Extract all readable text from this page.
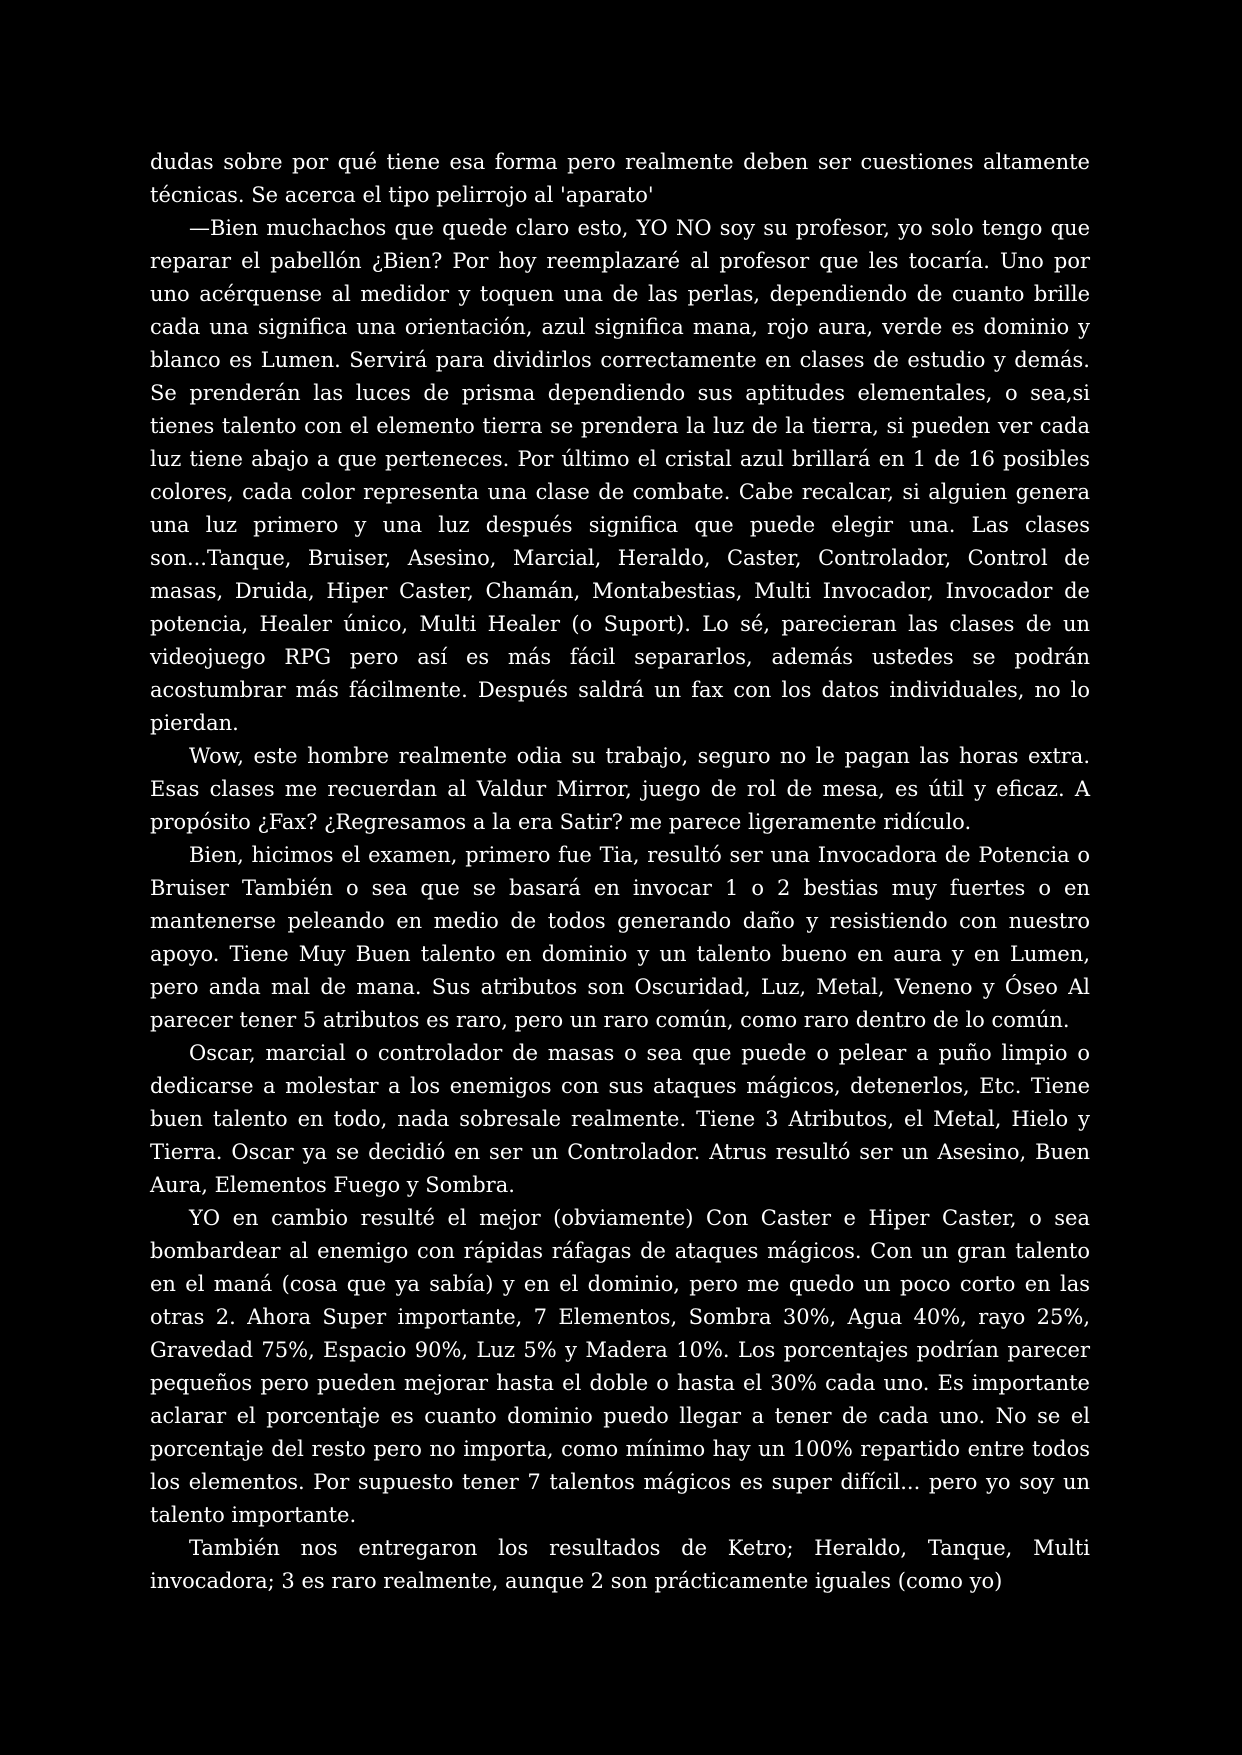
dudas sobre por qué tiene esa forma pero realmente deben ser cuestiones altamente técnicas. Se acerca el tipo pelirrojo al 'aparato'

—Bien muchachos que quede claro esto, YO NO soy su profesor, yo solo tengo que reparar el pabellón ¿Bien? Por hoy reemplazaré al profesor que les tocaría. Uno por uno acérquense al medidor y toquen una de las perlas, dependiendo de cuanto brille cada una significa una orientación, azul significa mana, rojo aura, verde es dominio y blanco es Lumen. Servirá para dividirlos correctamente en clases de estudio y demás. Se prenderán las luces de prisma dependiendo sus aptitudes elementales, o sea,si tienes talento con el elemento tierra se prendera la luz de la tierra, si pueden ver cada luz tiene abajo a que perteneces. Por último el cristal azul brillará en 1 de 16 posibles colores, cada color representa una clase de combate. Cabe recalcar, si alguien genera una luz primero y una luz después significa que puede elegir una. Las clases son...Tanque, Bruiser, Asesino, Marcial, Heraldo, Caster, Controlador, Control de masas, Druida, Hiper Caster, Chamán, Montabestias, Multi Invocador, Invocador de potencia, Healer único, Multi Healer (o Suport). Lo sé, parecieran las clases de un videojuego RPG pero así es más fácil separarlos, además ustedes se podrán acostumbrar más fácilmente. Después saldrá un fax con los datos individuales, no lo pierdan.

Wow, este hombre realmente odia su trabajo, seguro no le pagan las horas extra. Esas clases me recuerdan al Valdur Mirror, juego de rol de mesa, es útil y eficaz. A propósito ¿Fax? ¿Regresamos a la era Satir? me parece ligeramente ridículo.

Bien, hicimos el examen, primero fue Tia, resultó ser una Invocadora de Potencia o Bruiser También o sea que se basará en invocar 1 o 2 bestias muy fuertes o en mantenerse peleando en medio de todos generando daño y resistiendo con nuestro apoyo. Tiene Muy Buen talento en dominio y un talento bueno en aura y en Lumen, pero anda mal de mana. Sus atributos son Oscuridad, Luz, Metal, Veneno y Óseo Al parecer tener 5 atributos es raro, pero un raro común, como raro dentro de lo común.

Oscar, marcial o controlador de masas o sea que puede o pelear a puño limpio o dedicarse a molestar a los enemigos con sus ataques mágicos, detenerlos, Etc. Tiene buen talento en todo, nada sobresale realmente. Tiene 3 Atributos, el Metal, Hielo y Tierra. Oscar ya se decidió en ser un Controlador. Atrus resultó ser un Asesino, Buen Aura, Elementos Fuego y Sombra.

YO en cambio resulté el mejor (obviamente) Con Caster e Hiper Caster, o sea bombardear al enemigo con rápidas ráfagas de ataques mágicos. Con un gran talento en el maná (cosa que ya sabía) y en el dominio, pero me quedo un poco corto en las otras 2. Ahora Super importante, 7 Elementos, Sombra 30%, Agua 40%, rayo 25%, Gravedad 75%, Espacio 90%, Luz 5% y Madera 10%. Los porcentajes podrían parecer pequeños pero pueden mejorar hasta el doble o hasta el 30% cada uno. Es importante aclarar el porcentaje es cuanto dominio puedo llegar a tener de cada uno. No se el porcentaje del resto pero no importa, como mínimo hay un 100% repartido entre todos los elementos. Por supuesto tener 7 talentos mágicos es super difícil... pero yo soy un talento importante.

También nos entregaron los resultados de Ketro; Heraldo, Tanque, Multi invocadora; 3 es raro realmente, aunque 2 son prácticamente iguales (como yo)
